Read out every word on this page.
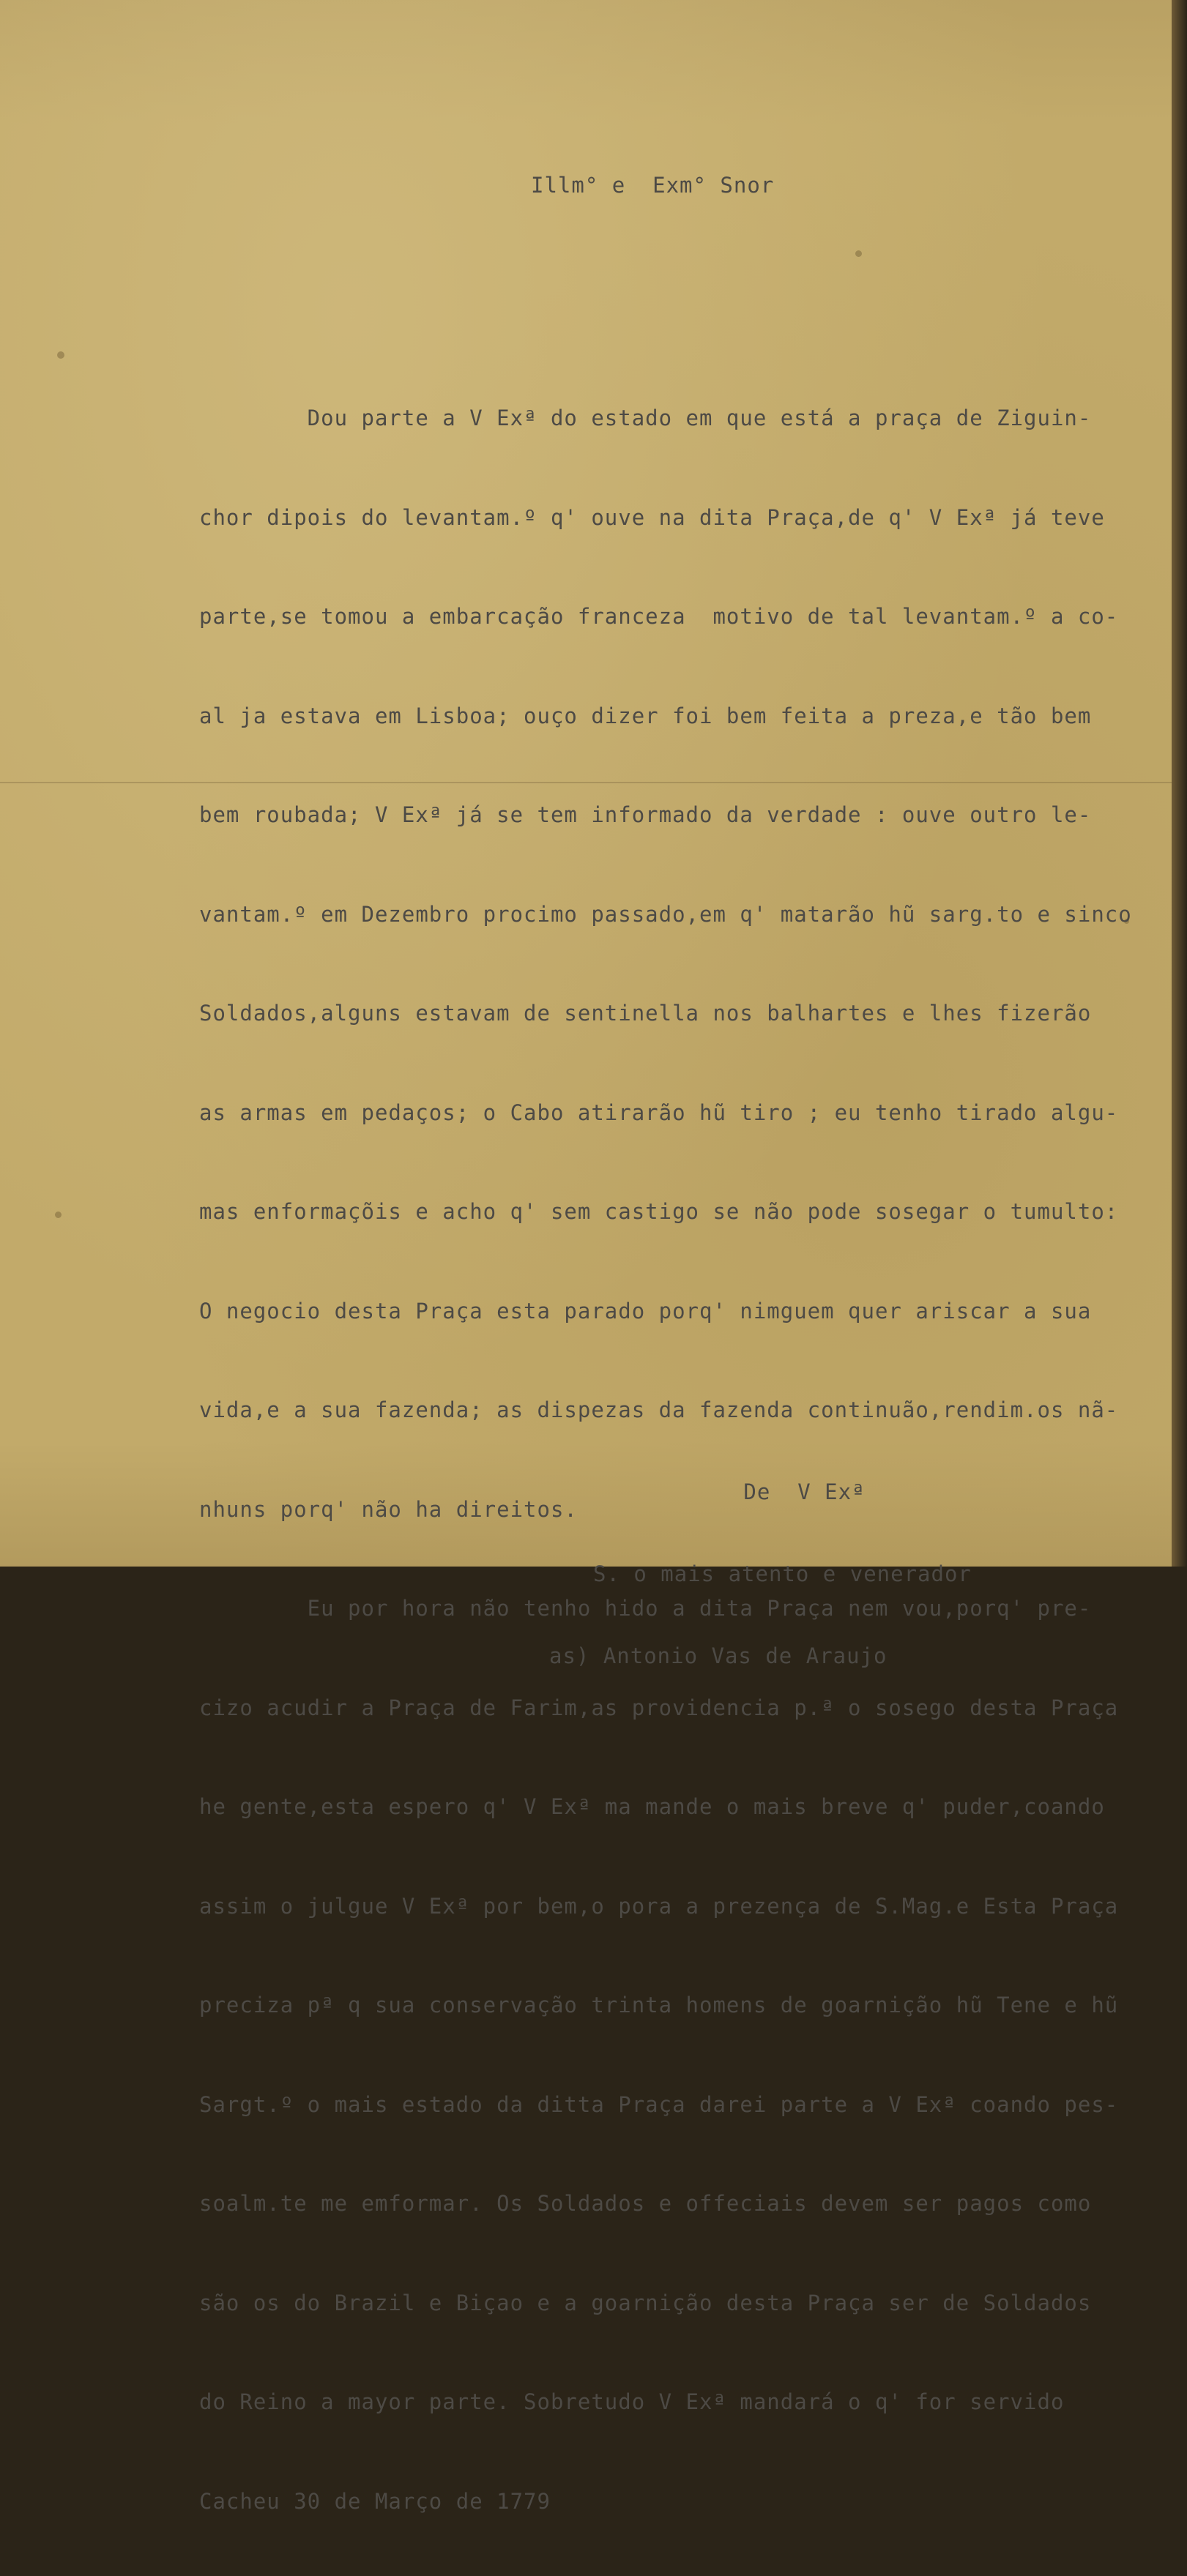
Illm° e  Exm° Snor

Dou parte a V Exª do estado em que está a praça de Ziguin-

chor dipois do levantam.º q' ouve na dita Praça,de q' V Exª já teve

parte,se tomou a embarcação franceza  motivo de tal levantam.º a co-

al ja estava em Lisboa; ouço dizer foi bem feita a preza,e tão bem

bem roubada; V Exª já se tem informado da verdade : ouve outro le-

vantam.º em Dezembro procimo passado,em q' matarão hũ sarg.to e sinco

Soldados,alguns estavam de sentinella nos balhartes e lhes fizerão

as armas em pedaços; o Cabo atirarão hũ tiro ; eu tenho tirado algu-

mas enformaçõis e acho q' sem castigo se não pode sosegar o tumulto:

O negocio desta Praça esta parado porq' nimguem quer ariscar a sua

vida,e a sua fazenda; as dispezas da fazenda continuão,rendim.os nã-

nhuns porq' não ha direitos.

Eu por hora não tenho hido a dita Praça nem vou,porq' pre-

cizo acudir a Praça de Farim,as providencia p.ª o sosego desta Praça

he gente,esta espero q' V Exª ma mande o mais breve q' puder,coando

assim o julgue V Exª por bem,o pora a prezença de S.Mag.e Esta Praça

preciza pª q sua conservação trinta homens de goarnição hũ Tene e hũ

Sargt.º o mais estado da ditta Praça darei parte a V Exª coando pes-

soalm.te me emformar. Os Soldados e offeciais devem ser pagos como

são os do Brazil e Biçao e a goarnição desta Praça ser de Soldados

do Reino a mayor parte. Sobretudo V Exª mandará o q' for servido

Cacheu 30 de Março de 1779

De  V Exª

S. o mais atento e venerador

as) Antonio Vas de Araujo
